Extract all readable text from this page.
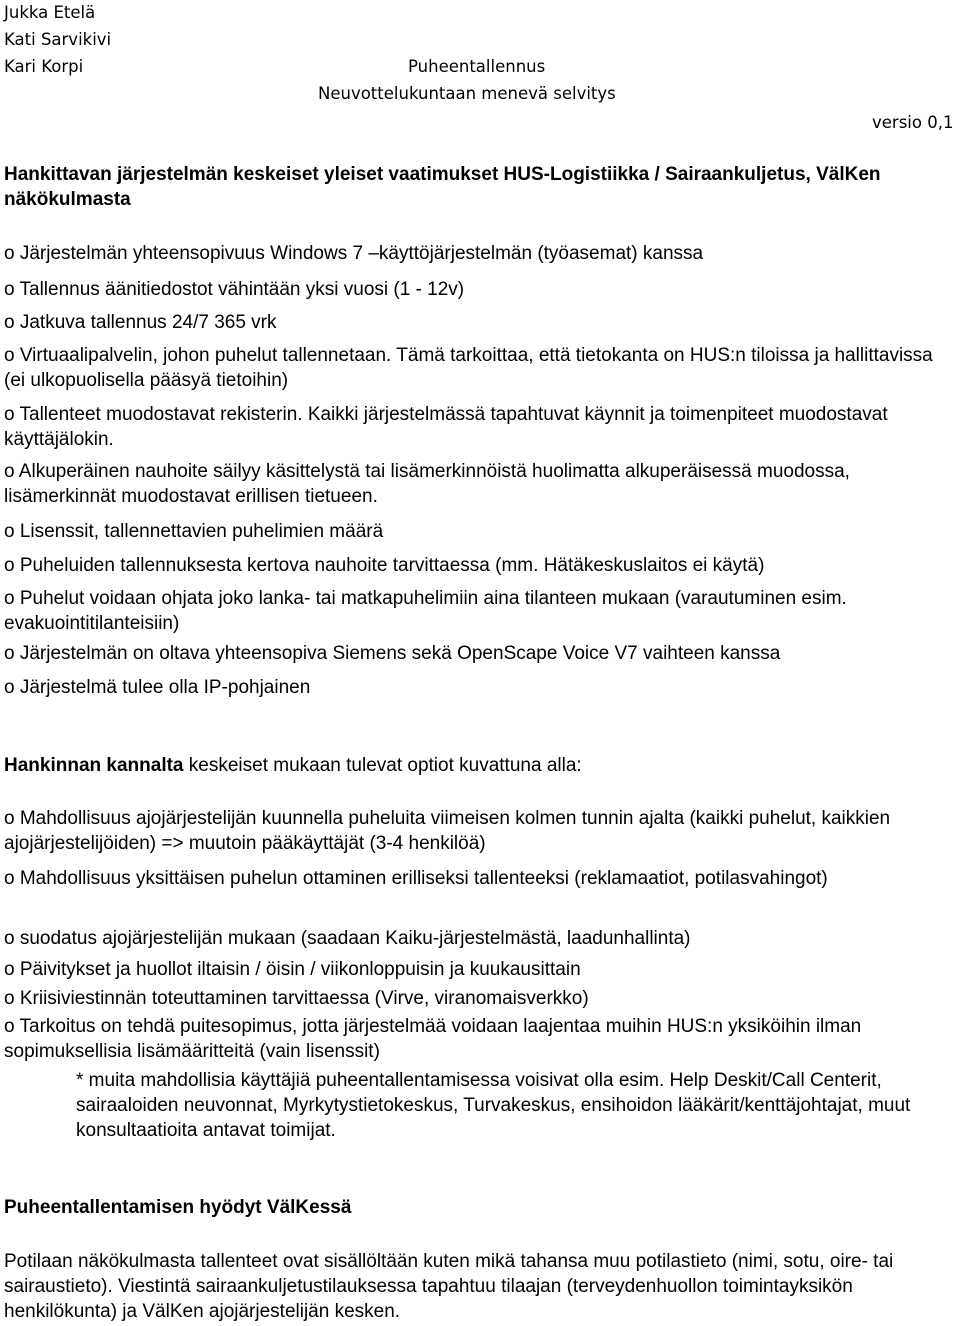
Jukka Etelä
Kati Sarvikivi
Kari Korpi	Puheentallennus
Neuvottelukuntaan menevä selvitys
versio 0,1

Hankittavan järjestelmän keskeiset yleiset vaatimukset HUS-Logistiikka / Sairaankuljetus, VälKen näkökulmasta

o Järjestelmän yhteensopivuus Windows 7 –käyttöjärjestelmän (työasemat) kanssa

o Tallennus äänitiedostot vähintään yksi vuosi (1 - 12v)

o Jatkuva tallennus 24/7 365 vrk

o Virtuaalipalvelin, johon puhelut tallennetaan. Tämä tarkoittaa, että tietokanta on HUS:n tiloissa ja hallittavissa (ei ulkopuolisella pääsyä tietoihin)

o Tallenteet muodostavat rekisterin. Kaikki järjestelmässä tapahtuvat käynnit ja toimenpiteet muodostavat käyttäjälokin.

o Alkuperäinen nauhoite säilyy käsittelystä tai lisämerkinnöistä huolimatta alkuperäisessä muodossa, lisämerkinnät muodostavat erillisen tietueen.

o Lisenssit, tallennettavien puhelimien määrä

o Puheluiden tallennuksesta kertova nauhoite tarvittaessa (mm. Hätäkeskuslaitos ei käytä)

o Puhelut voidaan ohjata joko lanka- tai matkapuhelimiin aina tilanteen mukaan (varautuminen esim. evakuointitilanteisiin)

o Järjestelmän on oltava yhteensopiva Siemens sekä OpenScape Voice V7 vaihteen kanssa

o Järjestelmä tulee olla IP-pohjainen

Hankinnan kannalta keskeiset mukaan tulevat optiot kuvattuna alla:

o Mahdollisuus ajojärjestelijän kuunnella puheluita viimeisen kolmen tunnin ajalta (kaikki puhelut, kaikkien ajojärjestelijöiden) => muutoin pääkäyttäjät (3-4 henkilöä)

o Mahdollisuus yksittäisen puhelun ottaminen erilliseksi tallenteeksi (reklamaatiot, potilasvahingot)

o suodatus ajojärjestelijän mukaan (saadaan Kaiku-järjestelmästä, laadunhallinta)

o Päivitykset ja huollot iltaisin / öisin / viikonloppuisin ja kuukausittain

o Kriisiviestinnän toteuttaminen tarvittaessa (Virve, viranomaisverkko)

o Tarkoitus on tehdä puitesopimus, jotta järjestelmää voidaan laajentaa muihin HUS:n yksiköihin ilman sopimuksellisia lisämääritteitä (vain lisenssit)

* muita mahdollisia käyttäjiä puheentallentamisessa voisivat olla esim. Help Deskit/Call Centerit, sairaaloiden neuvonnat, Myrkytystietokeskus, Turvakeskus, ensihoidon lääkärit/kenttäjohtajat, muut konsultaatioita antavat toimijat.

Puheentallentamisen hyödyt VälKessä

Potilaan näkökulmasta tallenteet ovat sisällöltään kuten mikä tahansa muu potilastieto (nimi, sotu, oire- tai sairaustieto). Viestintä sairaankuljetustilauksessa tapahtuu tilaajan (terveydenhuollon toimintayksikön henkilökunta) ja VälKen ajojärjestelijän kesken.
